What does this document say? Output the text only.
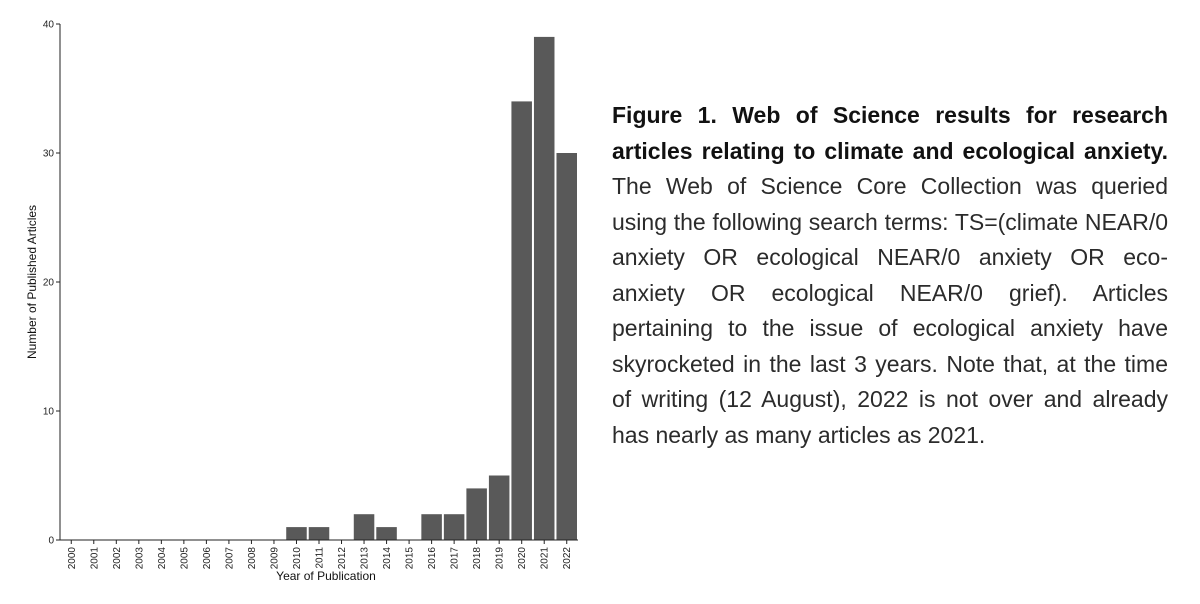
0
10
20
30
40
2000 2001 2002 2003 2004 2005 2006 2007 2008 2009 2010 2011 2012 2013 2014 2015 2016 2017 2018 2019 2020 2021 2022
Number of Published Articles
Year of Publication
Figure 1. Web of Science results for research articles relating to climate and ecological anxiety. The Web of Science Core Collection was queried using the following search terms: TS=(climate NEAR/0 anxiety OR ecological NEAR/0 anxiety OR eco-anxiety OR ecological NEAR/0 grief). Articles pertaining to the issue of ecological anxiety have skyrocketed in the last 3 years. Note that, at the time of writing (12 August), 2022 is not over and already has nearly as many articles as 2021.
